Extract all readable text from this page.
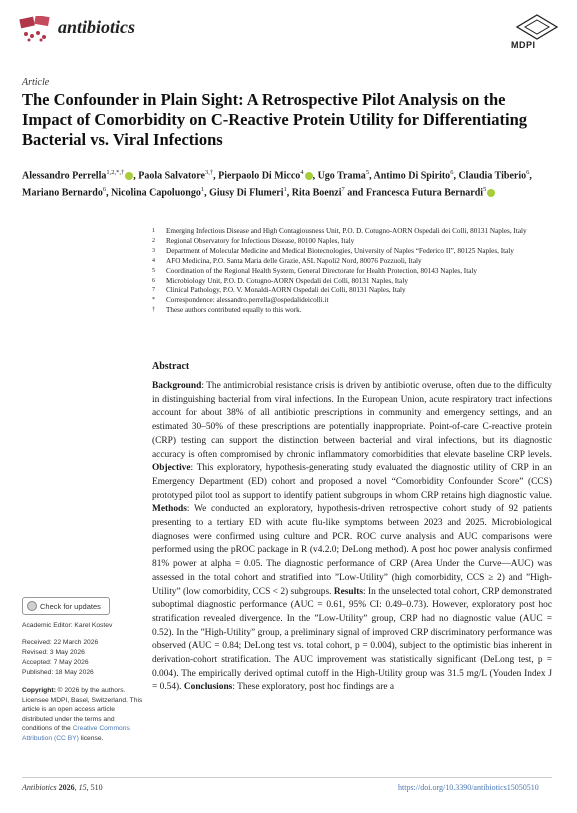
antibiotics
MDPI
Article
The Confounder in Plain Sight: A Retrospective Pilot Analysis on the Impact of Comorbidity on C-Reactive Protein Utility for Differentiating Bacterial vs. Viral Infections
Alessandro Perrella$^{1,2,*,\dagger}$ , Paola Salvatore$^{3,\dagger}$, Pierpaolo Di Micco$^4$ , Ugo Trama$^5$, Antimo Di Spirito$^6$, Claudia Tiberio$^6$, Mariano Bernardo$^6$, Nicolina Capoluongo$^1$, Giusy Di Flumeri$^1$, Rita Boenzi$^7$ and Francesca Futura Bernardi$^5$
1	Emerging Infectious Disease and High Contagiousness Unit, P.O. D. Cotugno-AORN Ospedali dei Colli, 80131 Naples, Italy
2	Regional Observatory for Infectious Disease, 80100 Naples, Italy
3	Department of Molecular Medicine and Medical Biotecnologies, University of Naples “Federico II”, 80125 Naples, Italy
4	AFO Medicina, P.O. Santa Maria delle Grazie, ASL Napoli2 Nord, 80076 Pozzuoli, Italy
5	Coordination of the Regional Health System, General Directorate for Health Protection, 80143 Naples, Italy
6	Microbiology Unit, P.O. D. Cotugno-AORN Ospedali dei Colli, 80131 Naples, Italy
7	Clinical Pathology, P.O. V. Monaldi-AORN Ospedali dei Colli, 80131 Naples, Italy
*	Correspondence: alessandro.perrella@ospedalideicolli.it
†	These authors contributed equally to this work.
Abstract
Background: The antimicrobial resistance crisis is driven by antibiotic overuse, often due to the difficulty in distinguishing bacterial from viral infections. In the European Union, acute respiratory tract infections account for about 38% of all antibiotic prescriptions in community and emergency settings, and an estimated 30–50% of these prescriptions are potentially inappropriate. Point-of-care C-reactive protein (CRP) testing can support the distinction between bacterial and viral infections, but its diagnostic accuracy is often compromised by chronic inflammatory comorbidities that elevate baseline CRP levels. Objective: This exploratory, hypothesis-generating study evaluated the diagnostic utility of CRP in an Emergency Department (ED) cohort and proposed a novel “Comorbidity Confounder Score” (CCS) prototyped pilot tool as support to identify patient subgroups in whom CRP retains high diagnostic value. Methods: We conducted an exploratory, hypothesis-driven retrospective cohort study of 92 patients presenting to a tertiary ED with acute flu-like symptoms between 2023 and 2025. Microbiological diagnoses were confirmed using culture and PCR. ROC curve analysis and AUC comparisons were performed using the pROC package in R (v4.2.0; DeLong method). A post hoc power analysis confirmed 81% power at alpha = 0.05. The diagnostic performance of CRP (Area Under the Curve—AUC) was assessed in the total cohort and stratified into ”Low-Utility” (high comorbidity, CCS ≥ 2) and ”High-Utility” (low comorbidity, CCS < 2) subgroups. Results: In the unselected total cohort, CRP demonstrated suboptimal diagnostic performance (AUC = 0.61, 95% CI: 0.49–0.73). However, exploratory post hoc stratification revealed divergence. In the ”Low-Utility” group, CRP had no diagnostic value (AUC = 0.52). In the ”High-Utility” group, a preliminary signal of improved CRP discriminatory performance was observed (AUC = 0.84; DeLong test vs. total cohort, p = 0.004), subject to the optimistic bias inherent in derivation-cohort stratification. The AUC improvement was statistically significant (DeLong test, p = 0.004). The empirically derived optimal cutoff in the High-Utility group was 31.5 mg/L (Youden Index J = 0.54). Conclusions: These exploratory, post hoc findings are a
Check for updates
Academic Editor: Karel Kostev
Received: 22 March 2026
Revised: 3 May 2026
Accepted: 7 May 2026
Published: 18 May 2026
Copyright: © 2026 by the authors. Licensee MDPI, Basel, Switzerland. This article is an open access article distributed under the terms and conditions of the Creative Commons Attribution (CC BY) license.
Antibiotics 2026, 15, 510	https://doi.org/10.3390/antibiotics15050510
